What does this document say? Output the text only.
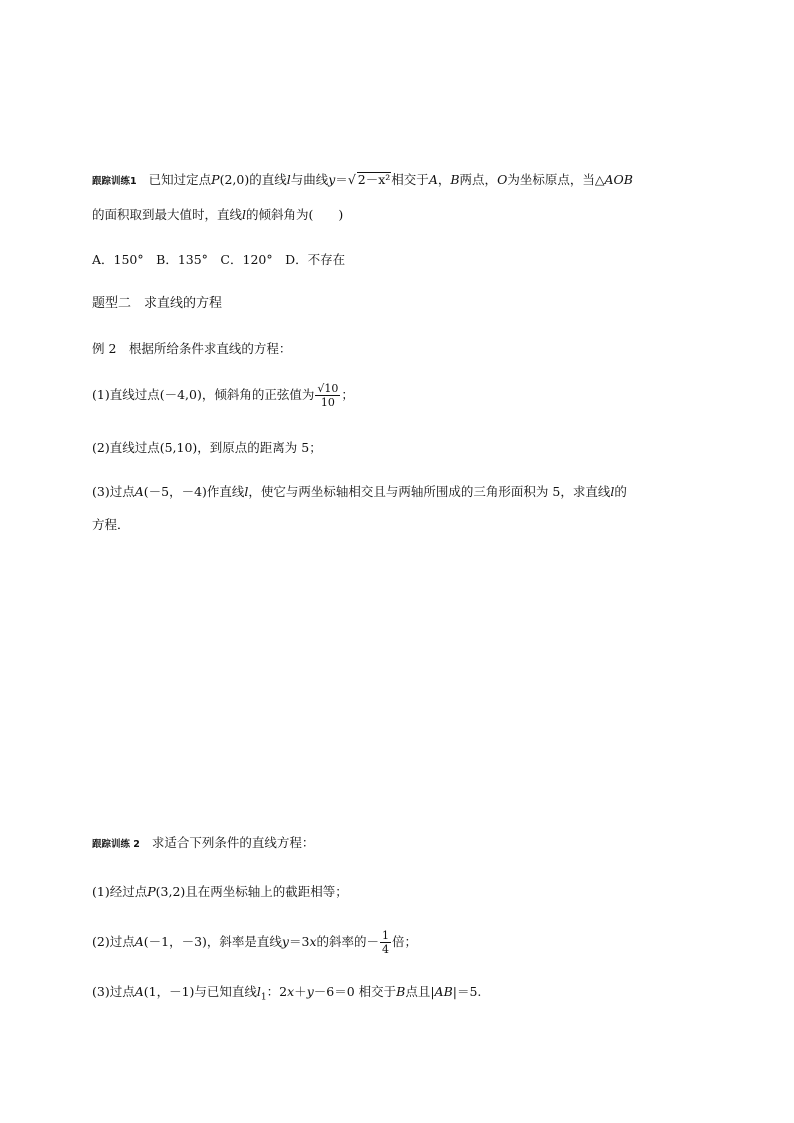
跟踪训练1 已知过定点P(2,0)的直线l与曲线y＝√ 2－x²相交于A，B两点，O为坐标原点，当△AOB
的面积取到最大值时，直线l的倾斜角为(　　)
A．150°　B．135°　C．120°　D．不存在
题型二　求直线的方程
例 2　根据所给条件求直线的方程：
(1)直线过点(－4,0)，倾斜角的正弦值为 $\frac{√10}{10}$ ；
(2)直线过点(5,10)，到原点的距离为 5；
(3)过点A(－5，－4)作直线l，使它与两坐标轴相交且与两轴所围成的三角形面积为 5，求直线l的
方程．
跟踪训练 2 求适合下列条件的直线方程：
(1)经过点P(3,2)且在两坐标轴上的截距相等；
(2)过点A(－1，－3)，斜率是直线y＝3x的斜率的－ $\frac{1}{4}$ 倍；
(3)过点A(1，－1)与已知直线$l_1$：2x＋y－6＝0 相交于B点且|AB|＝5.
